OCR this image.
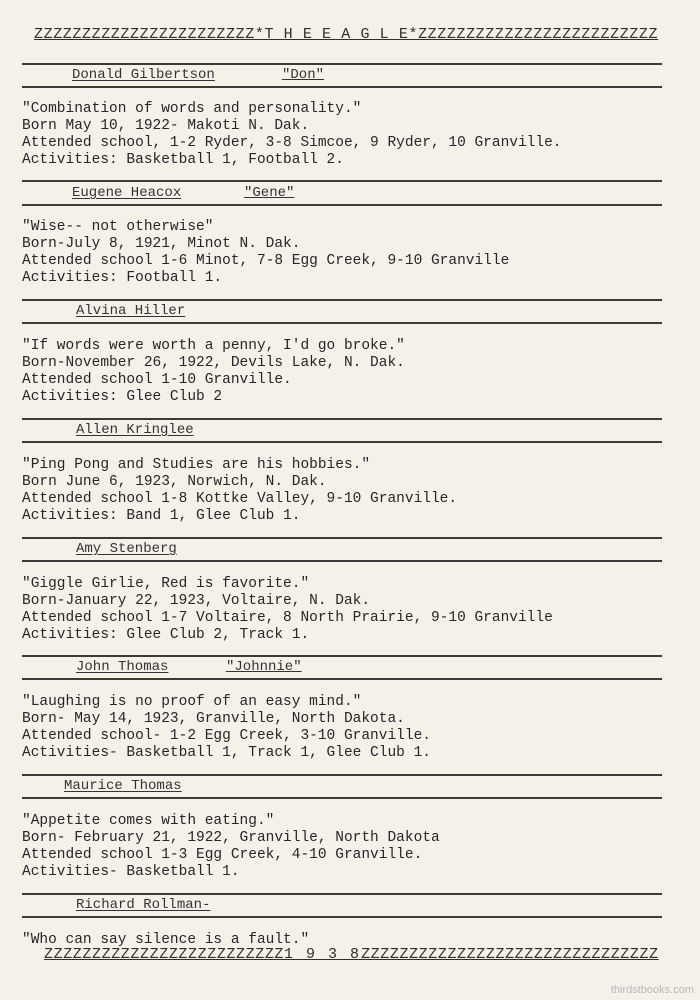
ZZZZZZZZZZZZZZZZZZZZZZZ*T H E E A G L E*ZZZZZZZZZZZZZZZZZZZZZZZZZ
Donald Gilbertson	"Don"
"Combination of words and personality."
Born May 10, 1922- Makoti N. Dak.
Attended school, 1-2 Ryder, 3-8 Simcoe, 9 Ryder, 10 Granville.
Activities: Basketball 1, Football 2.
Eugene Heacox	"Gene"
"Wise-- not otherwise"
Born-July 8, 1921, Minot N. Dak.
Attended school 1-6 Minot, 7-8 Egg Creek, 9-10 Granville
Activities: Football 1.
Alvina Hiller
"If words were worth a penny, I'd go broke."
Born-November 26, 1922, Devils Lake, N. Dak.
Attended school 1-10 Granville.
Activities: Glee Club 2
Allen Kringlee
"Ping Pong and Studies are his hobbies."
Born June 6, 1923, Norwich, N. Dak.
Attended school 1-8 Kottke Valley, 9-10 Granville.
Activities: Band 1, Glee Club 1.
Amy Stenberg
"Giggle Girlie, Red is favorite."
Born-January 22, 1923, Voltaire, N. Dak.
Attended school 1-7 Voltaire, 8 North Prairie, 9-10 Granville
Activities: Glee Club 2, Track 1.
John Thomas	"Johnnie"
"Laughing is no proof of an easy mind."
Born- May 14, 1923, Granville, North Dakota.
Attended school- 1-2 Egg Creek, 3-10 Granville.
Activities- Basketball 1, Track 1, Glee Club 1.
Maurice Thomas
"Appetite comes with eating."
Born- February 21, 1922, Granville, North Dakota
Attended school 1-3 Egg Creek, 4-10 Granville.
Activities- Basketball 1.
Richard Rollman-
"Who can say silence is a fault."
ZZZZZZZZZZZZZZZZZZZZZZZZZ1 9 3 8ZZZZZZZZZZZZZZZZZZZZZZZZZZZZZZZ
thirdstbooks.com
